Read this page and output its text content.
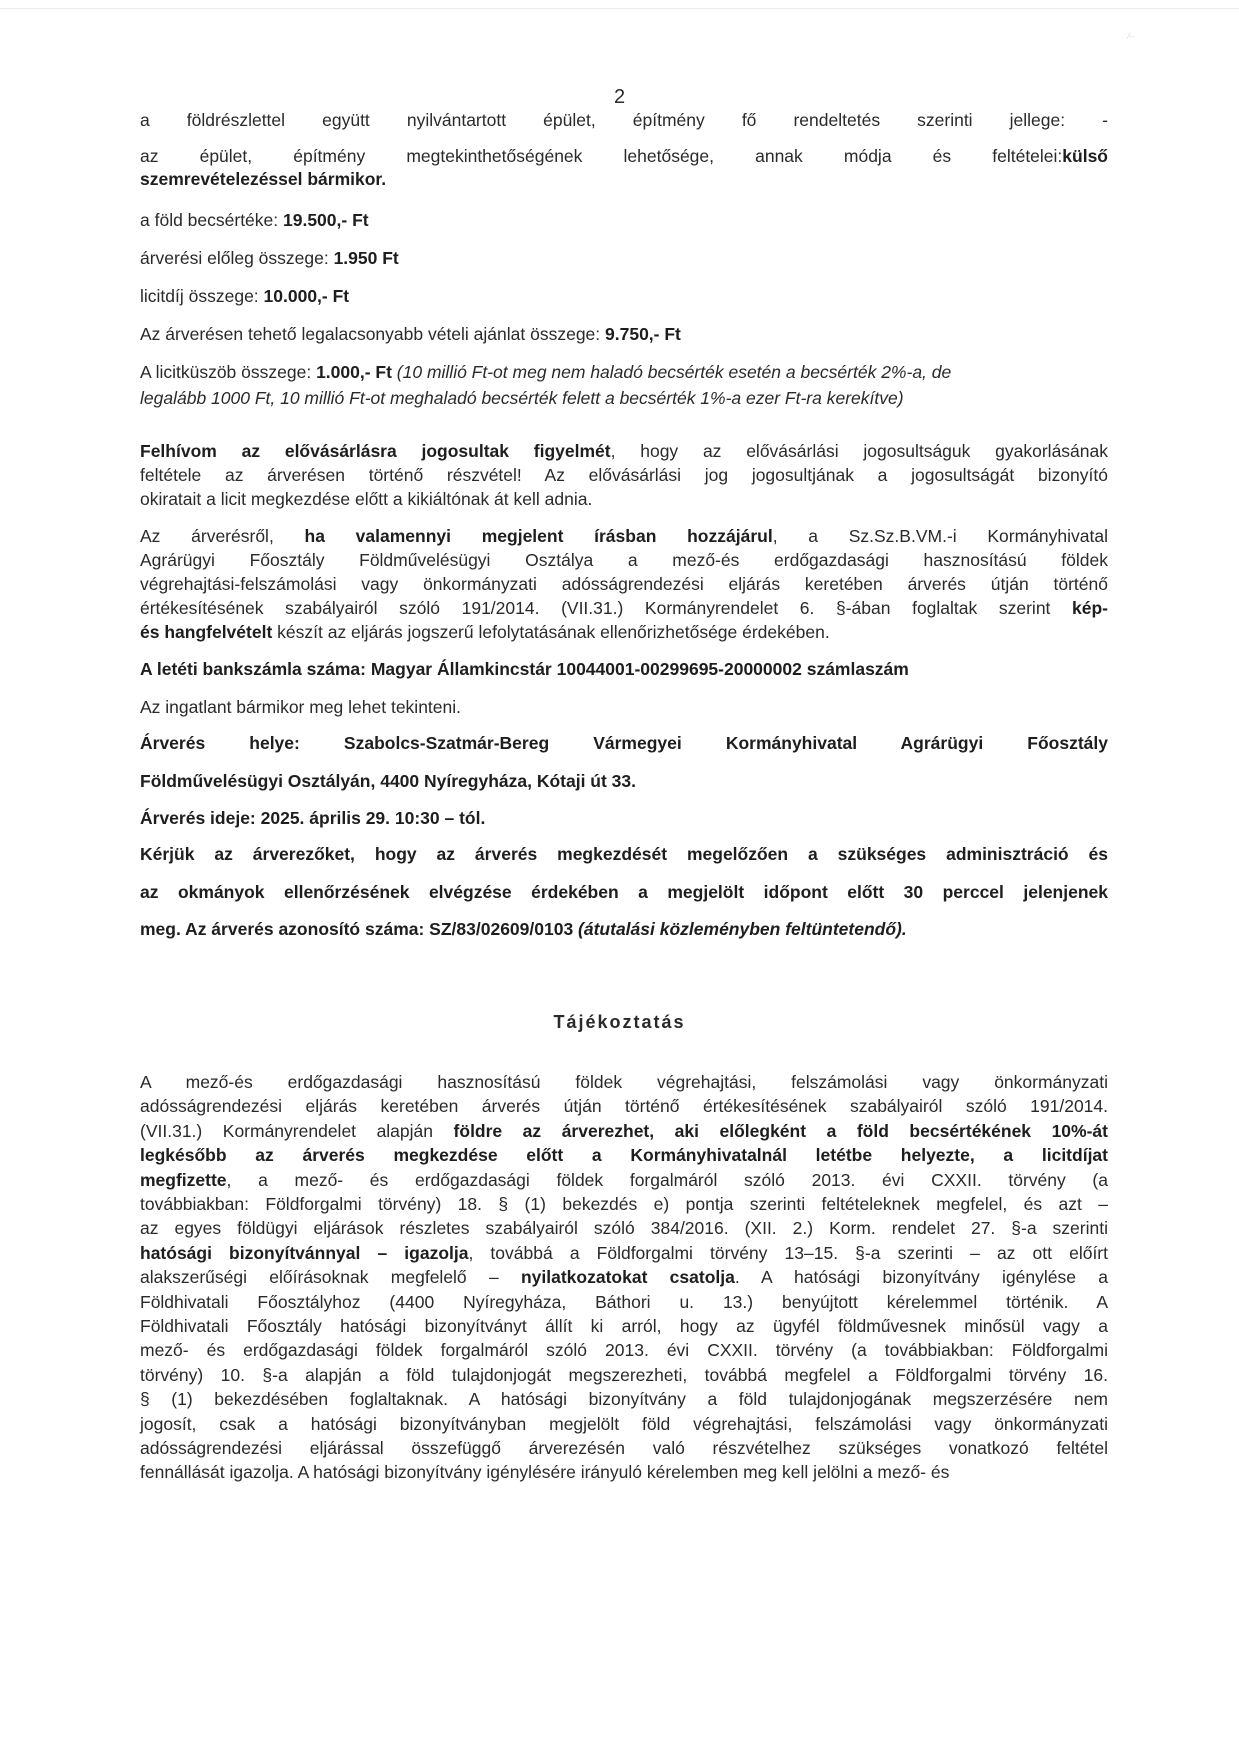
⁄-·
2
a földrészlettel együtt nyilvántartott épület, építmény fő rendeltetés szerinti jellege: -
az épület, építmény megtekinthetőségének lehetősége, annak módja és feltételei:külső
szemrevételezéssel bármikor.
a föld becsértéke: 19.500,- Ft
árverési előleg összege: 1.950 Ft
licitdíj összege: 10.000,- Ft
Az árverésen tehető legalacsonyabb vételi ajánlat összege: 9.750,- Ft
A licitküszöb összege: 1.000,- Ft (10 millió Ft-ot meg nem haladó becsérték esetén a becsérték 2%-a, de
legalább 1000 Ft, 10 millió Ft-ot meghaladó becsérték felett a becsérték 1%-a ezer Ft-ra kerekítve)
Felhívom az elővásárlásra jogosultak figyelmét, hogy az elővásárlási jogosultságuk gyakorlásának
feltétele az árverésen történő részvétel! Az elővásárlási jog jogosultjának a jogosultságát bizonyító
okiratait a licit megkezdése előtt a kikiáltónak át kell adnia.
Az árverésről, ha valamennyi megjelent írásban hozzájárul, a Sz.Sz.B.VM.-i Kormányhivatal
Agrárügyi Főosztály Földművelésügyi Osztálya a mező-és erdőgazdasági hasznosítású földek
végrehajtási-felszámolási vagy önkormányzati adósságrendezési eljárás keretében árverés útján történő
értékesítésének szabályairól szóló 191/2014. (VII.31.) Kormányrendelet 6. §-ában foglaltak szerint kép-
és hangfelvételt készít az eljárás jogszerű lefolytatásának ellenőrizhetősége érdekében.
A letéti bankszámla száma: Magyar Államkincstár 10044001-00299695-20000002 számlaszám
Az ingatlant bármikor meg lehet tekinteni.
Árverés helye: Szabolcs-Szatmár-Bereg Vármegyei Kormányhivatal Agrárügyi Főosztály
Földművelésügyi Osztályán, 4400 Nyíregyháza, Kótaji út 33.
Árverés ideje: 2025. április 29. 10:30 – tól.
Kérjük az árverezőket, hogy az árverés megkezdését megelőzően a szükséges adminisztráció és
az okmányok ellenőrzésének elvégzése érdekében a megjelölt időpont előtt 30 perccel jelenjenek
meg. Az árverés azonosító száma: SZ/83/02609/0103 (átutalási közleményben feltüntetendő).
Tájékoztatás
A mező-és erdőgazdasági hasznosítású földek végrehajtási, felszámolási vagy önkormányzati
adósságrendezési eljárás keretében árverés útján történő értékesítésének szabályairól szóló 191/2014.
(VII.31.) Kormányrendelet alapján földre az árverezhet, aki előlegként a föld becsértékének 10%-át
legkésőbb az árverés megkezdése előtt a Kormányhivatalnál letétbe helyezte, a licitdíjat
megfizette, a mező- és erdőgazdasági földek forgalmáról szóló 2013. évi CXXII. törvény (a
továbbiakban: Földforgalmi törvény) 18. § (1) bekezdés e) pontja szerinti feltételeknek megfelel, és azt –
az egyes földügyi eljárások részletes szabályairól szóló 384/2016. (XII. 2.) Korm. rendelet 27. §-a szerinti
hatósági bizonyítvánnyal – igazolja, továbbá a Földforgalmi törvény 13–15. §-a szerinti – az ott előírt
alakszerűségi előírásoknak megfelelő – nyilatkozatokat csatolja. A hatósági bizonyítvány igénylése a
Földhivatali Főosztályhoz (4400 Nyíregyháza, Báthori u. 13.) benyújtott kérelemmel történik. A
Földhivatali Főosztály hatósági bizonyítványt állít ki arról, hogy az ügyfél földművesnek minősül vagy a
mező- és erdőgazdasági földek forgalmáról szóló 2013. évi CXXII. törvény (a továbbiakban: Földforgalmi
törvény) 10. §-a alapján a föld tulajdonjogát megszerezheti, továbbá megfelel a Földforgalmi törvény 16.
§ (1) bekezdésében foglaltaknak. A hatósági bizonyítvány a föld tulajdonjogának megszerzésére nem
jogosít, csak a hatósági bizonyítványban megjelölt föld végrehajtási, felszámolási vagy önkormányzati
adósságrendezési eljárással összefüggő árverezésén való részvételhez szükséges vonatkozó feltétel
fennállását igazolja. A hatósági bizonyítvány igénylésére irányuló kérelemben meg kell jelölni a mező- és
